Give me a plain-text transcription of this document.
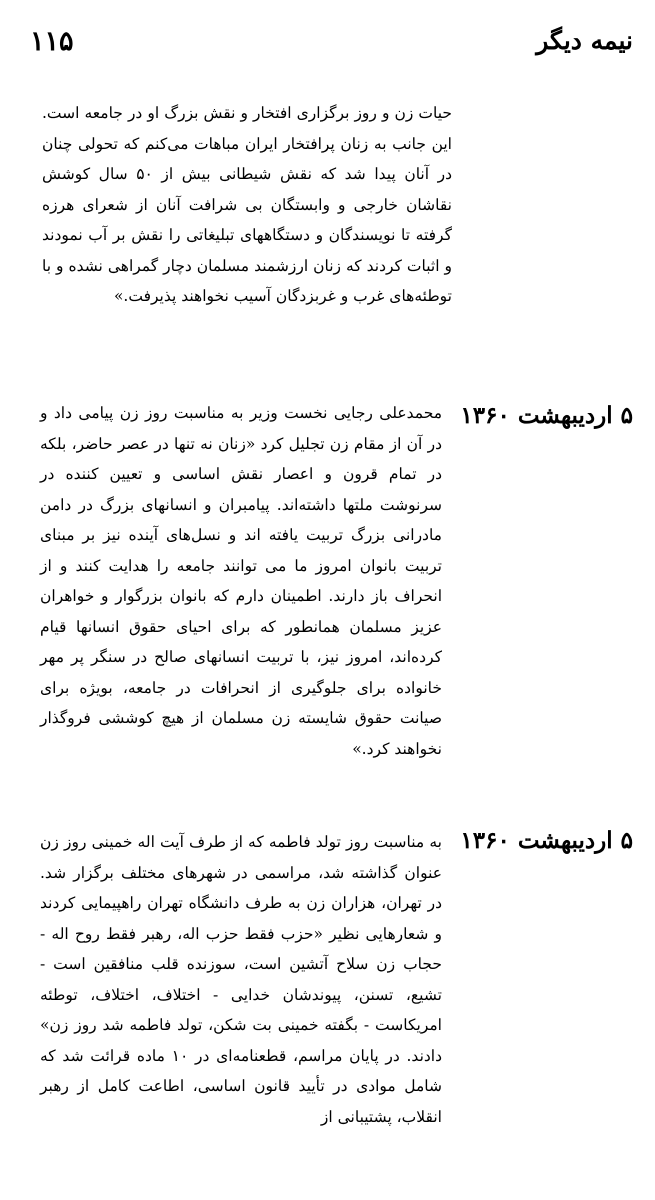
۱۱۵	نیمه دیگر

حیات زن و روز برگزاری افتخار و نقش بزرگ او در جامعه است. این جانب به زنان پرافتخار ایران مباهات می‌کنم که تحولی چنان در آنان پیدا شد که نقش شیطانی بیش از ۵۰ سال کوشش نقاشان خارجی و وابستگان بی شرافت آنان از شعرای هرزه گرفته تا نویسندگان و دستگاههای تبلیغاتی را نقش بر آب نمودند و اثبات کردند که زنان ارزشمند مسلمان دچار گمراهی نشده و با توطئه‌های غرب و غربزدگان آسیب نخواهند پذیرفت.»

۵ اردیبهشت ۱۳۶۰

محمدعلی رجایی نخست وزیر به مناسبت روز زن پیامی داد و در آن از مقام زن تجلیل کرد «زنان نه تنها در عصر حاضر، بلکه در تمام قرون و اعصار نقش اساسی و تعیین کننده در سرنوشت ملتها داشته‌اند. پیامبران و انسانهای بزرگ در دامن مادرانی بزرگ تربیت یافته اند و نسل‌های آینده نیز بر مبنای تربیت بانوان امروز ما می توانند جامعه را هدایت کنند و از انحراف باز دارند. اطمینان دارم که بانوان بزرگوار و خواهران عزیز مسلمان همانطور که برای احیای حقوق انسانها قیام کرده‌اند، امروز نیز، با تربیت انسانهای صالح در سنگر پر مهر خانواده برای جلوگیری از انحرافات در جامعه، بویژه برای صیانت حقوق شایسته زن مسلمان از هیچ کوششی فروگذار نخواهند کرد.»

۵ اردیبهشت ۱۳۶۰

به مناسبت روز تولد فاطمه که از طرف آیت اله خمینی روز زن عنوان گذاشته شد، مراسمی در شهرهای مختلف برگزار شد. در تهران، هزاران زن به طرف دانشگاه تهران راهپیمایی کردند و شعارهایی نظیر «حزب فقط حزب اله، رهبر فقط روح اله - حجاب زن سلاح آتشین است، سوزنده قلب منافقین است - تشیع، تسنن، پیوندشان خدایی - اختلاف، اختلاف، توطئه امریکاست - بگفته خمینی بت شکن، تولد فاطمه شد روز زن» دادند. در پایان مراسم، قطعنامه‌ای در ۱۰ ماده قرائت شد که شامل موادی در تأیید قانون اساسی، اطاعت کامل از رهبر انقلاب، پشتیبانی از
